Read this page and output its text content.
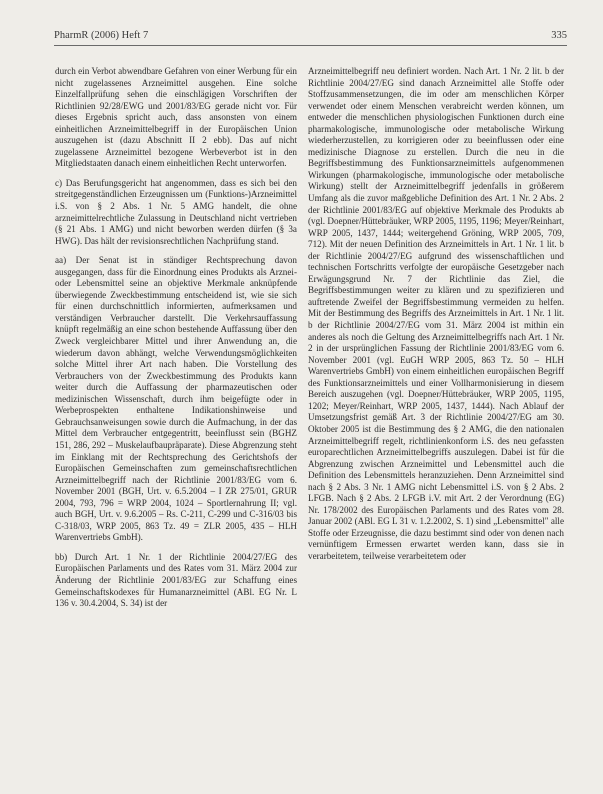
PharmR (2006) Heft 7	335

durch ein Verbot abwendbare Gefahren von einer Werbung für ein nicht zugelassenes Arzneimittel ausgehen. Eine solche Einzelfallprüfung sehen die einschlägigen Vorschriften der Richtlinien 92/28/EWG und 2001/83/EG gerade nicht vor. Für dieses Ergebnis spricht auch, dass ansonsten von einem einheitlichen Arzneimittelbegriff in der Europäischen Union auszugehen ist (dazu Abschnitt II 2 ebb). Das auf nicht zugelassene Arzneimittel bezogene Werbeverbot ist in den Mitgliedstaaten danach einem einheitlichen Recht unterworfen.

c) Das Berufungsgericht hat angenommen, dass es sich bei den streitgegenständlichen Erzeugnissen um (Funktions-)Arzneimittel i.S. von § 2 Abs. 1 Nr. 5 AMG handelt, die ohne arzneimittelrechtliche Zulassung in Deutschland nicht vertrieben (§ 21 Abs. 1 AMG) und nicht beworben werden dürfen (§ 3a HWG). Das hält der revisionsrechtlichen Nachprüfung stand.

aa) Der Senat ist in ständiger Rechtsprechung davon ausgegangen, dass für die Einordnung eines Produkts als Arznei- oder Lebensmittel seine an objektive Merkmale anknüpfende überwiegende Zweckbestimmung entscheidend ist, wie sie sich für einen durchschnittlich informierten, aufmerksamen und verständigen Verbraucher darstellt. Die Verkehrsauffassung knüpft regelmäßig an eine schon bestehende Auffassung über den Zweck vergleichbarer Mittel und ihrer Anwendung an, die wiederum davon abhängt, welche Verwendungsmöglichkeiten solche Mittel ihrer Art nach haben. Die Vorstellung des Verbrauchers von der Zweckbestimmung des Produkts kann weiter durch die Auffassung der pharmazeutischen oder medizinischen Wissenschaft, durch ihm beigefügte oder in Werbeprospekten enthaltene Indikationshinweise und Gebrauchsanweisungen sowie durch die Aufmachung, in der das Mittel dem Verbraucher entgegentritt, beeinflusst sein (BGHZ 151, 286, 292 – Muskelaufbaupräparate). Diese Abgrenzung steht im Einklang mit der Rechtsprechung des Gerichtshofs der Europäischen Gemeinschaften zum gemeinschaftsrechtlichen Arzneimittelbegriff nach der Richtlinie 2001/83/EG vom 6. November 2001 (BGH, Urt. v. 6.5.2004 – I ZR 275/01, GRUR 2004, 793, 796 = WRP 2004, 1024 – Sportlernahrung II; vgl. auch BGH, Urt. v. 9.6.2005 – Rs. C-211, C-299 und C-316/03 bis C-318/03, WRP 2005, 863 Tz. 49 = ZLR 2005, 435 – HLH Warenvertriebs GmbH).

bb) Durch Art. 1 Nr. 1 der Richtlinie 2004/27/EG des Europäischen Parlaments und des Rates vom 31. März 2004 zur Änderung der Richtlinie 2001/83/EG zur Schaffung eines Gemeinschaftskodexes für Humanarzneimittel (ABl. EG Nr. L 136 v. 30.4.2004, S. 34) ist der

Arzneimittelbegriff neu definiert worden. Nach Art. 1 Nr. 2 lit. b der Richtlinie 2004/27/EG sind danach Arzneimittel alle Stoffe oder Stoffzusammensetzungen, die im oder am menschlichen Körper verwendet oder einem Menschen verabreicht werden können, um entweder die menschlichen physiologischen Funktionen durch eine pharmakologische, immunologische oder metabolische Wirkung wiederherzustellen, zu korrigieren oder zu beeinflussen oder eine medizinische Diagnose zu erstellen. Durch die neu in die Begriffsbestimmung des Funktionsarzneimittels aufgenommenen Wirkungen (pharmakologische, immunologische oder metabolische Wirkung) stellt der Arzneimittelbegriff jedenfalls in größerem Umfang als die zuvor maßgebliche Definition des Art. 1 Nr. 2 Abs. 2 der Richtlinie 2001/83/EG auf objektive Merkmale des Produkts ab (vgl. Doepner/Hüttebräuker, WRP 2005, 1195, 1196; Meyer/Reinhart, WRP 2005, 1437, 1444; weitergehend Gröning, WRP 2005, 709, 712). Mit der neuen Definition des Arzneimittels in Art. 1 Nr. 1 lit. b der Richtlinie 2004/27/EG aufgrund des wissenschaftlichen und technischen Fortschritts verfolgte der europäische Gesetzgeber nach Erwägungsgrund Nr. 7 der Richtlinie das Ziel, die Begriffsbestimmungen weiter zu klären und zu spezifizieren und auftretende Zweifel der Begriffsbestimmung vermeiden zu helfen. Mit der Bestimmung des Begriffs des Arzneimittels in Art. 1 Nr. 1 lit. b der Richtlinie 2004/27/EG vom 31. März 2004 ist mithin ein anderes als noch die Geltung des Arzneimittelbegriffs nach Art. 1 Nr. 2 in der ursprünglichen Fassung der Richtlinie 2001/83/EG vom 6. November 2001 (vgl. EuGH WRP 2005, 863 Tz. 50 – HLH Warenvertriebs GmbH) von einem einheitlichen europäischen Begriff des Funktionsarzneimittels und einer Vollharmonisierung in diesem Bereich auszugehen (vgl. Doepner/Hüttebräuker, WRP 2005, 1195, 1202; Meyer/Reinhart, WRP 2005, 1437, 1444). Nach Ablauf der Umsetzungsfrist gemäß Art. 3 der Richtlinie 2004/27/EG am 30. Oktober 2005 ist die Bestimmung des § 2 AMG, die den nationalen Arzneimittelbegriff regelt, richtlinienkonform i.S. des neu gefassten europarechtlichen Arzneimittelbegriffs auszulegen. Dabei ist für die Abgrenzung zwischen Arzneimittel und Lebensmittel auch die Definition des Lebensmittels heranzuziehen. Denn Arzneimittel sind nach § 2 Abs. 3 Nr. 1 AMG nicht Lebensmittel i.S. von § 2 Abs. 2 LFGB. Nach § 2 Abs. 2 LFGB i.V. mit Art. 2 der Verordnung (EG) Nr. 178/2002 des Europäischen Parlaments und des Rates vom 28. Januar 2002 (ABl. EG L 31 v. 1.2.2002, S. 1) sind „Lebensmittel" alle Stoffe oder Erzeugnisse, die dazu bestimmt sind oder von denen nach vernünftigem Ermessen erwartet werden kann, dass sie in verarbeitetem, teilweise verarbeitetem oder
